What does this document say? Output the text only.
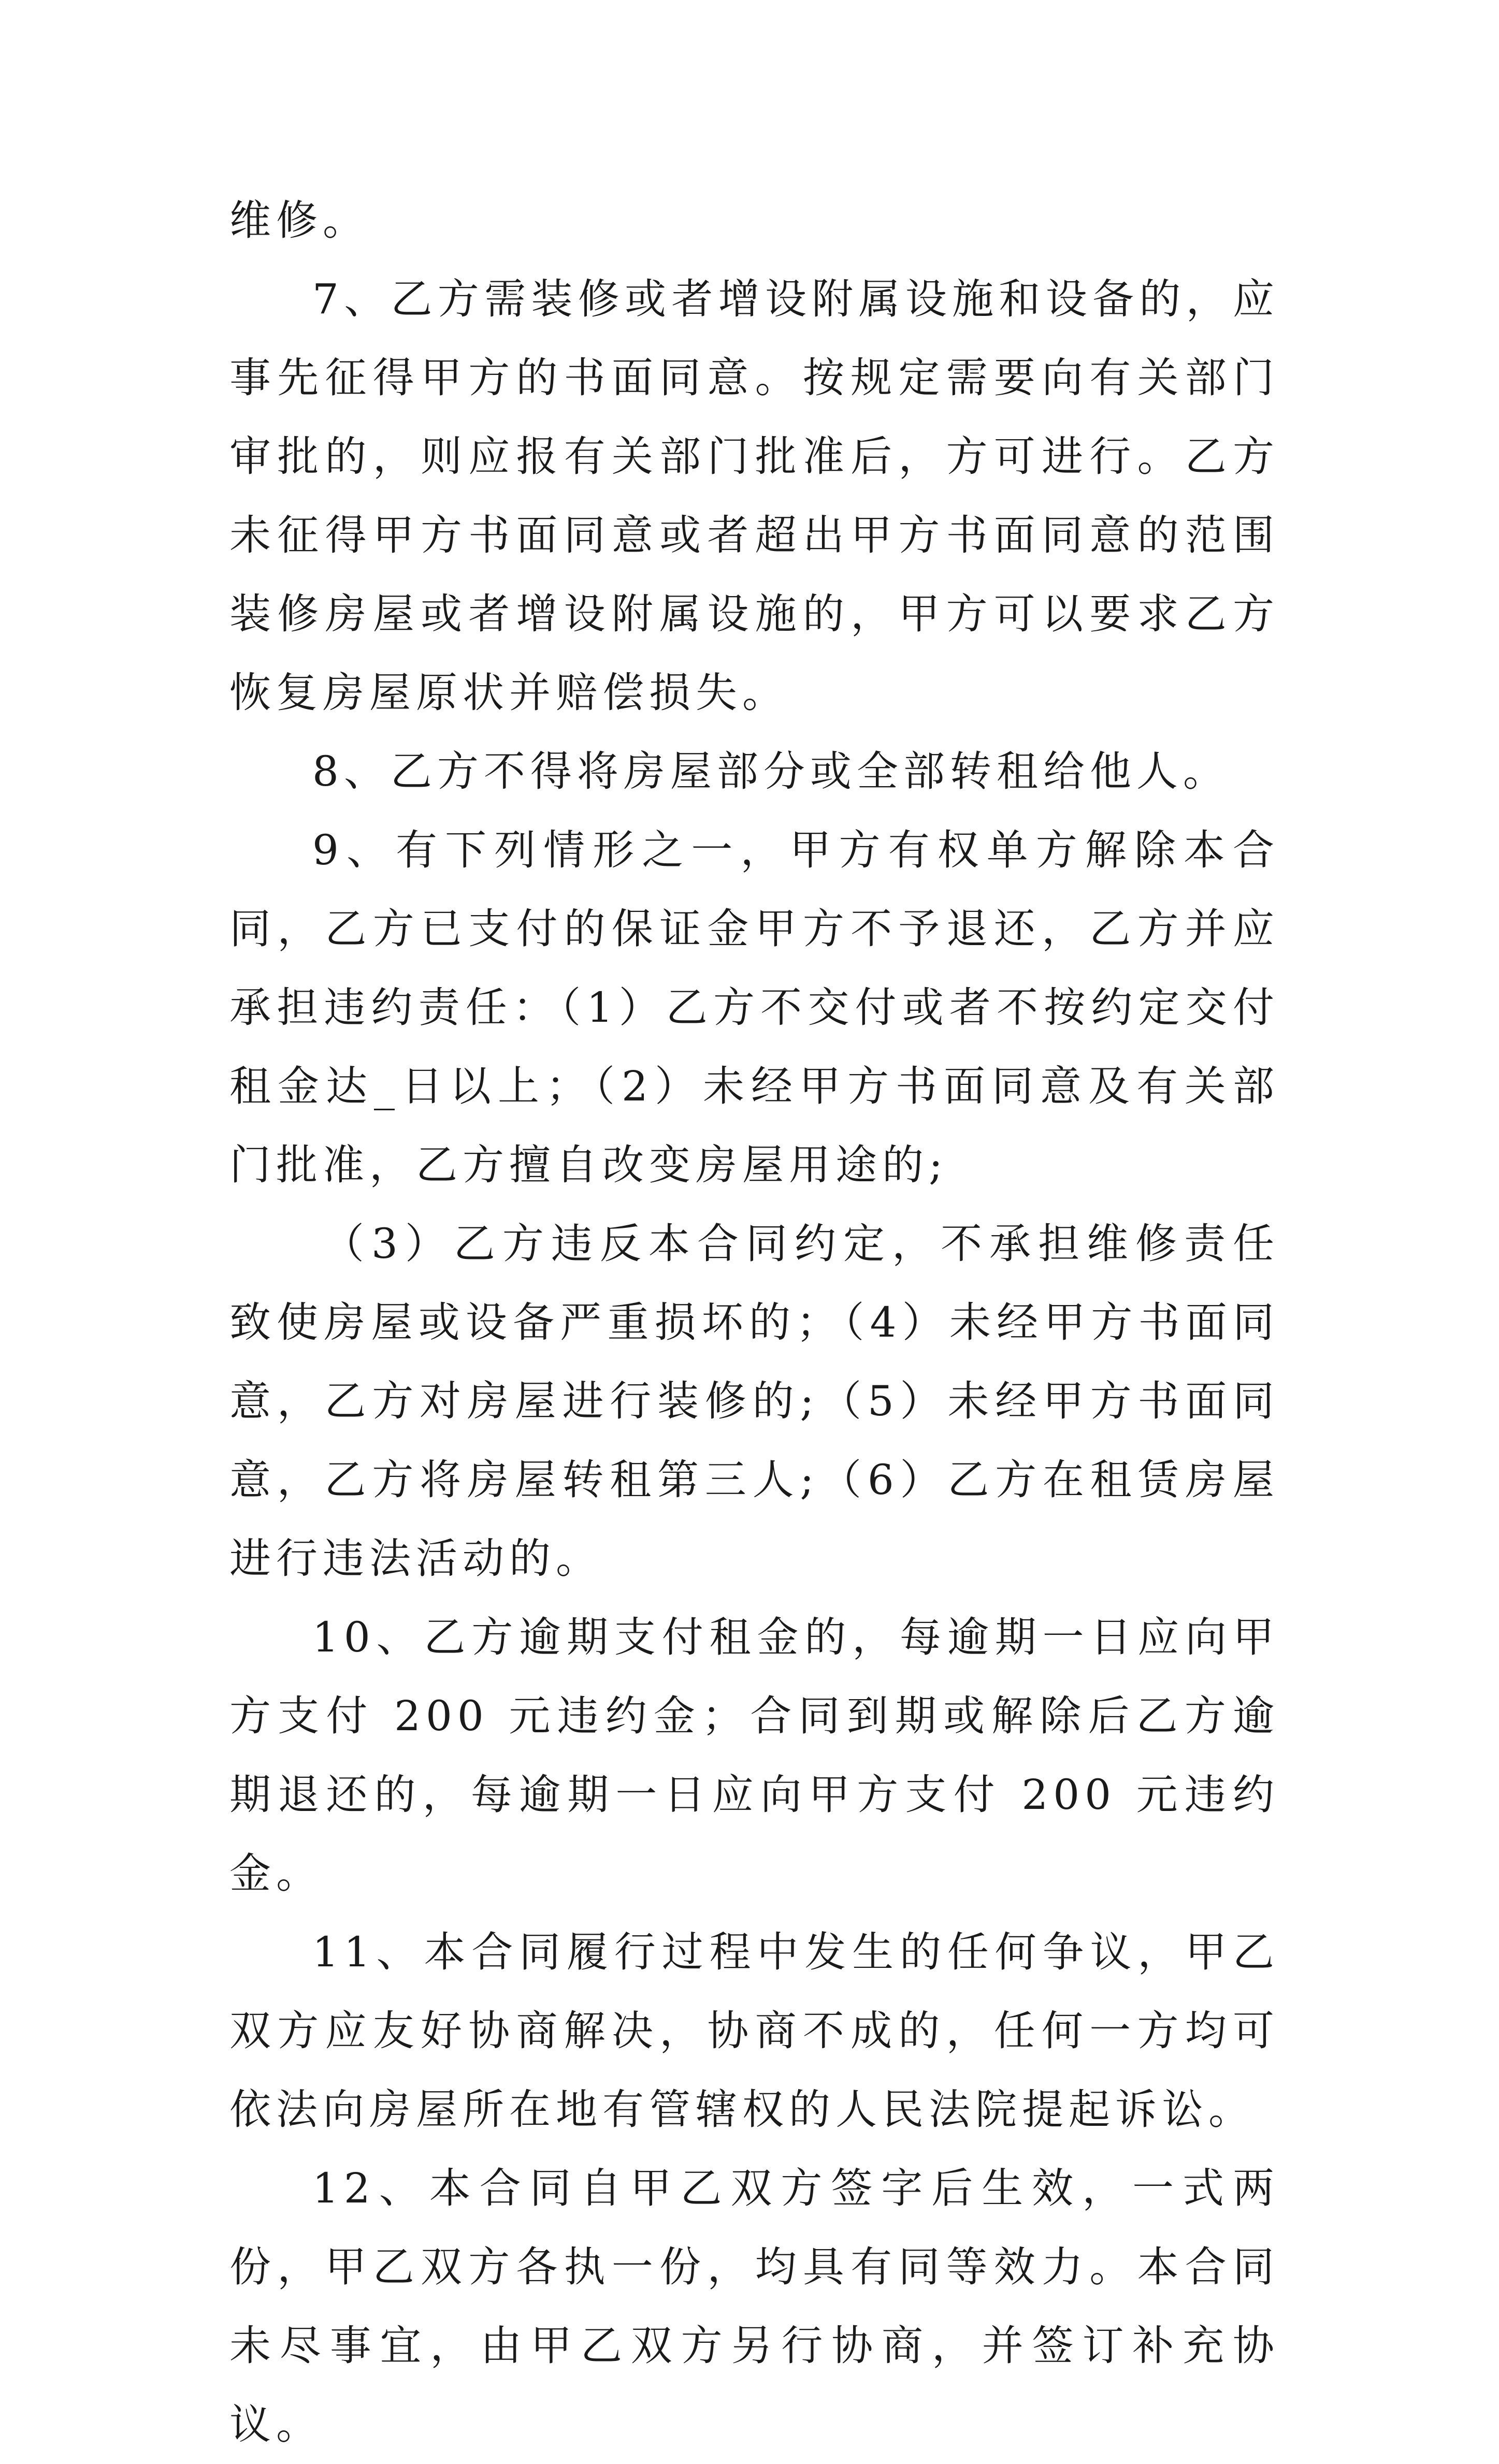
维修。

7、乙方需装修或者增设附属设施和设备的，应事先征得甲方的书面同意。按规定需要向有关部门审批的，则应报有关部门批准后，方可进行。乙方未征得甲方书面同意或者超出甲方书面同意的范围装修房屋或者增设附属设施的，甲方可以要求乙方恢复房屋原状并赔偿损失。

8、乙方不得将房屋部分或全部转租给他人。

9、有下列情形之一，甲方有权单方解除本合同，乙方已支付的保证金甲方不予退还，乙方并应承担违约责任：（1）乙方不交付或者不按约定交付租金达_日以上；（2）未经甲方书面同意及有关部门批准，乙方擅自改变房屋用途的;

（3）乙方违反本合同约定，不承担维修责任致使房屋或设备严重损坏的；（4）未经甲方书面同意，乙方对房屋进行装修的;（5）未经甲方书面同意，乙方将房屋转租第三人;（6）乙方在租赁房屋进行违法活动的。

10、乙方逾期支付租金的，每逾期一日应向甲方支付 200 元违约金；合同到期或解除后乙方逾期退还的，每逾期一日应向甲方支付 200 元违约金。

11、本合同履行过程中发生的任何争议，甲乙双方应友好协商解决，协商不成的，任何一方均可依法向房屋所在地有管辖权的人民法院提起诉讼。

12、本合同自甲乙双方签字后生效，一式两份，甲乙双方各执一份，均具有同等效力。本合同未尽事宜，由甲乙双方另行协商，并签订补充协议。
